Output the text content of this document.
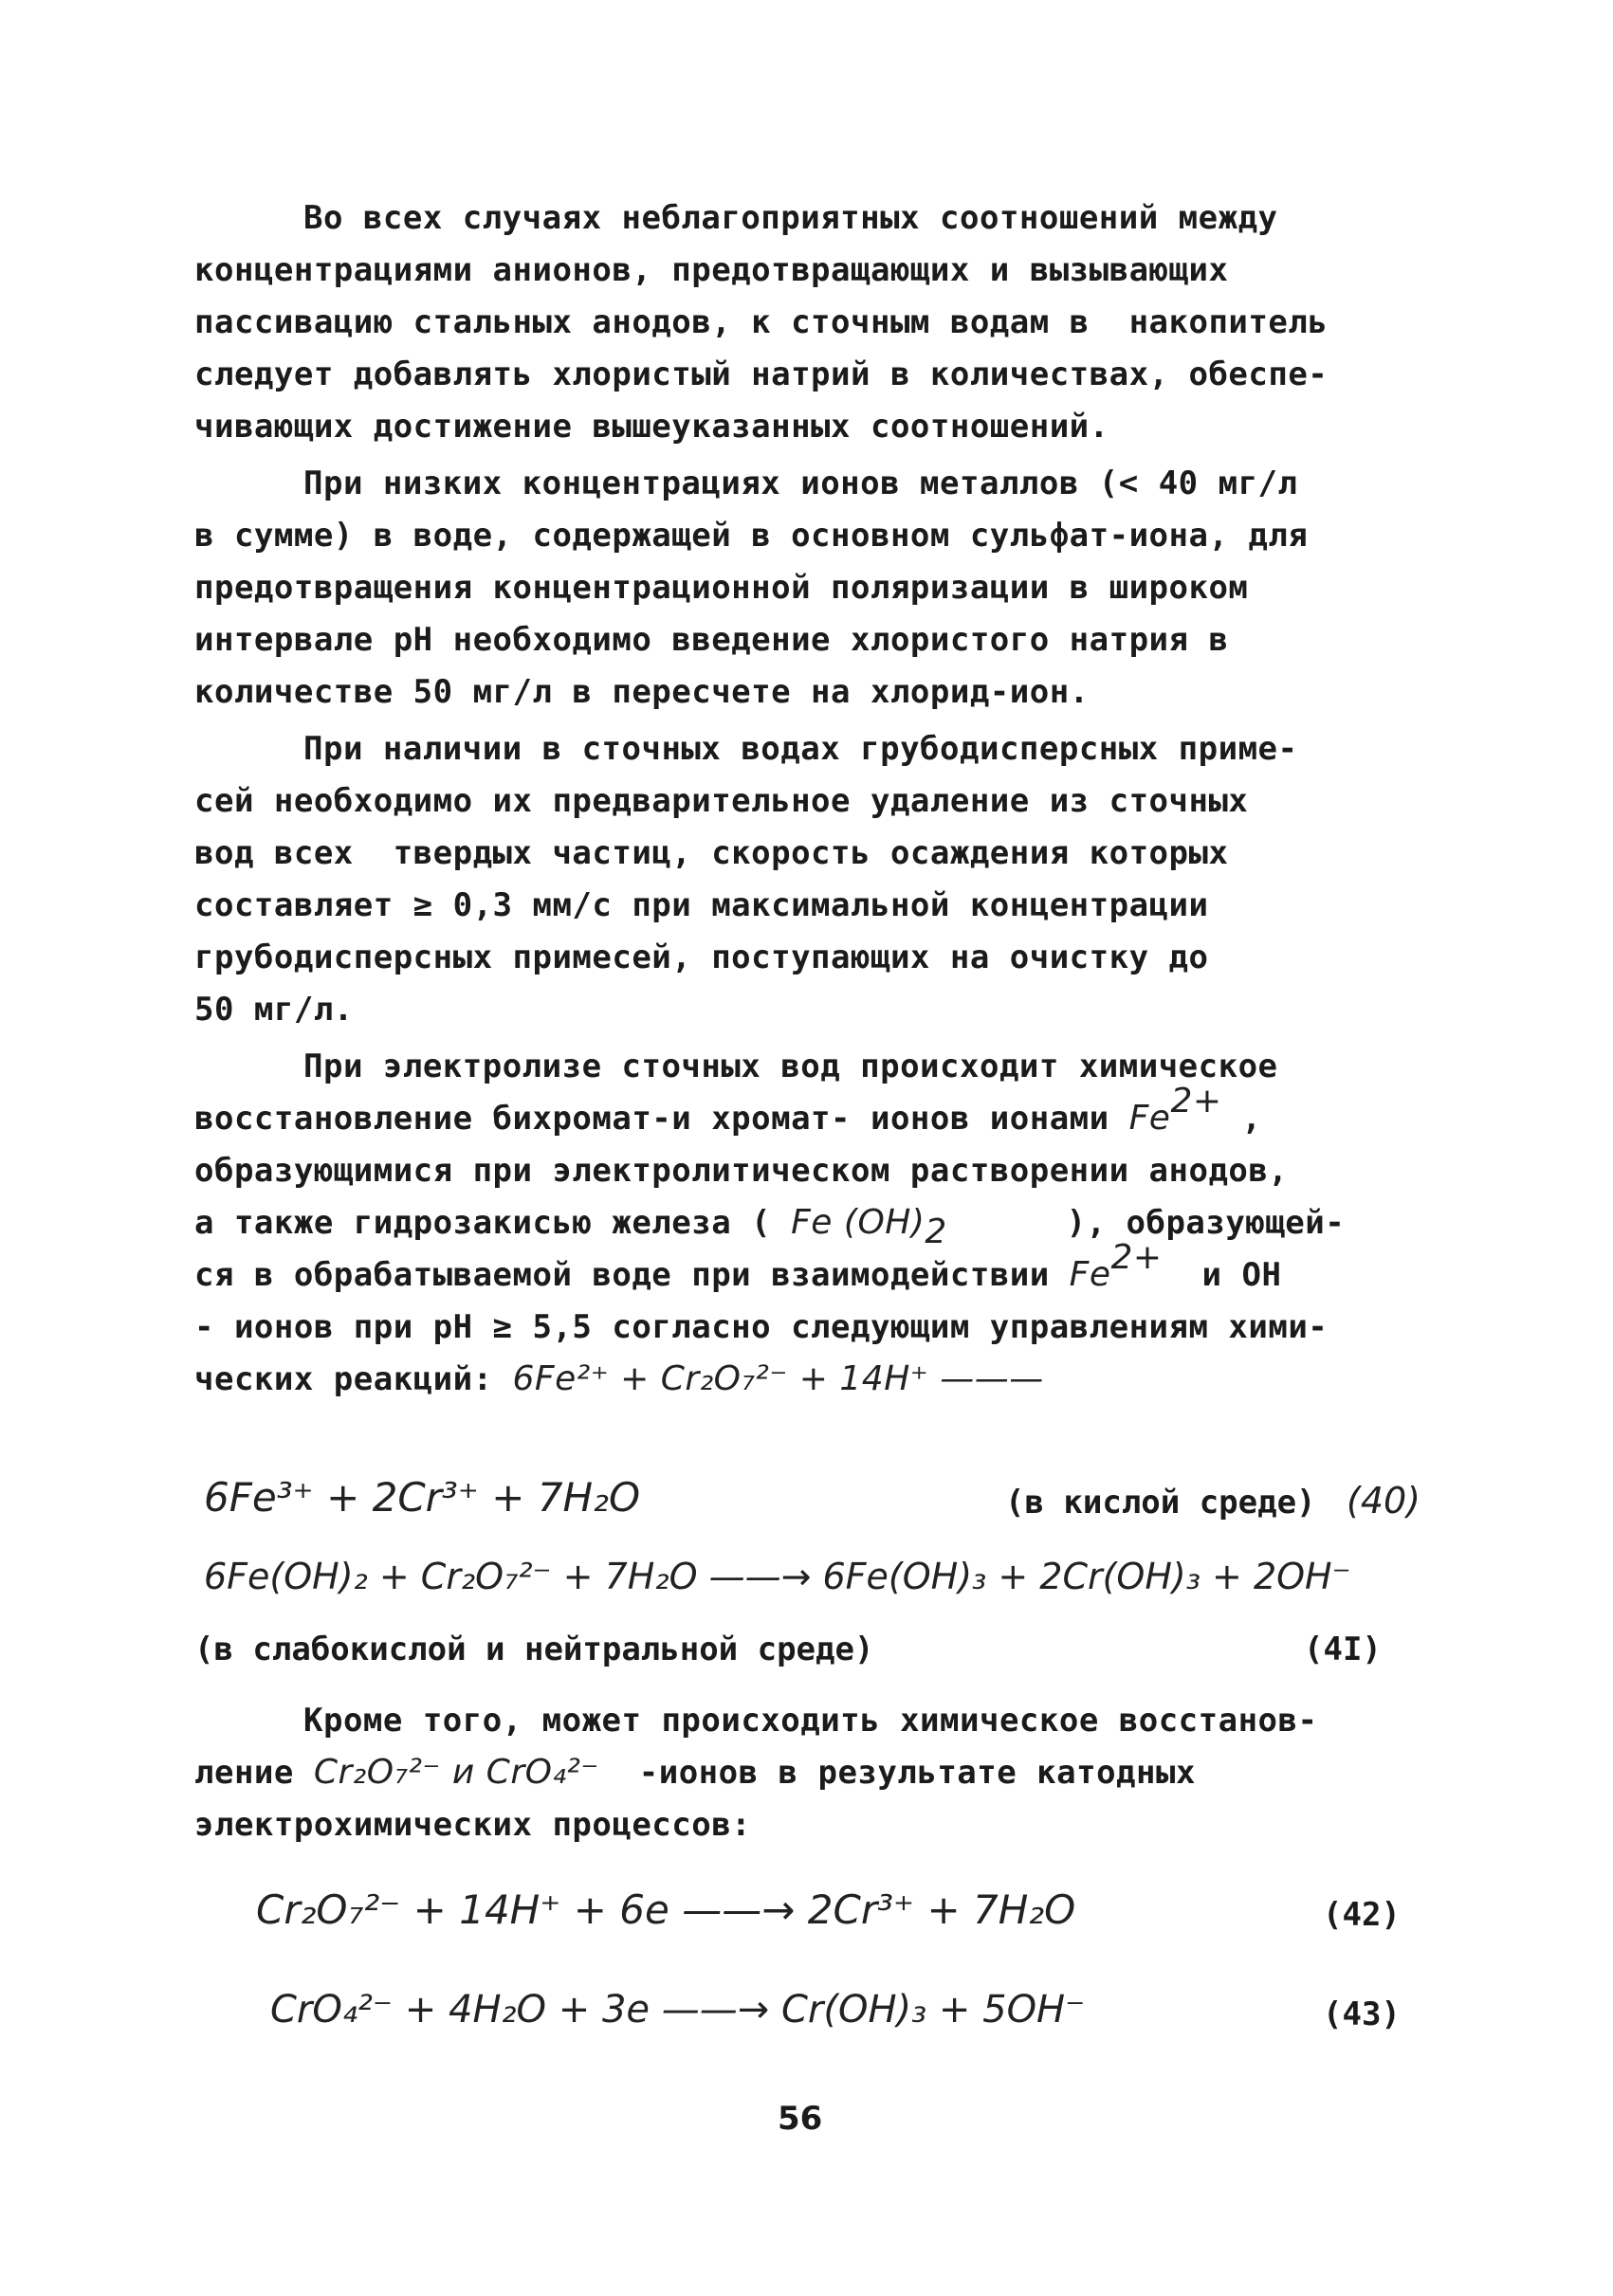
Во всех случаях неблагоприятных соотношений между
концентрациями анионов, предотвращающих и вызывающих
пассивацию стальных анодов, к сточным водам в  накопитель
следует добавлять хлористый натрий в количествах, обеспе-
чивающих достижение вышеуказанных соотношений.
При низких концентрациях ионов металлов (< 40 мг/л
в сумме) в воде, содержащей в основном сульфат-иона, для
предотвращения концентрационной поляризации в широком
интервале рН необходимо введение хлористого натрия в
количестве 50 мг/л в пересчете на хлорид-ион.
При наличии в сточных водах грубодисперсных приме-
сей необходимо их предварительное удаление из сточных
вод всех  твердых частиц, скорость осаждения которых
составляет ≥ 0,3 мм/с при максимальной концентрации
грубодисперсных примесей, поступающих на очистку до
50 мг/л.
При электролизе сточных вод происходит химическое
восстановление бихромат-и хромат- ионов ионами $Fe^{2+}$ ,
образующимися при электролитическом растворении анодов,
а также гидрозакисью железа ( Fe $(OH)_2$      ), образующей-
ся в обрабатываемой воде при взаимодействии $Fe^{2+}$  и ОН
- ионов при рН ≥ 5,5 согласно следующим управлениям хими-
ческих реакций: 6Fe²⁺ + Cr₂O₇²⁻ + 14H⁺ ———
6Fe³⁺ + 2Cr³⁺ + 7H₂O	(в кислой среде) (40)
6Fe(OH)₂ + Cr₂O₇²⁻ + 7H₂O ——→ 6Fe(OH)₃ + 2Cr(OH)₃ + 2OH⁻
(в слабокислой и нейтральной среде)	(4I)
Кроме того, может происходить химическое восстанов-
ление Cr₂O₇²⁻ и CrO₄²⁻  -ионов в результате катодных
электрохимических процессов:
Cr₂O₇²⁻ + 14H⁺ + 6e ——→ 2Cr³⁺ + 7H₂O	(42)
CrO₄²⁻ + 4H₂O + 3e ——→ Cr(OH)₃ + 5OH⁻	(43)
56
